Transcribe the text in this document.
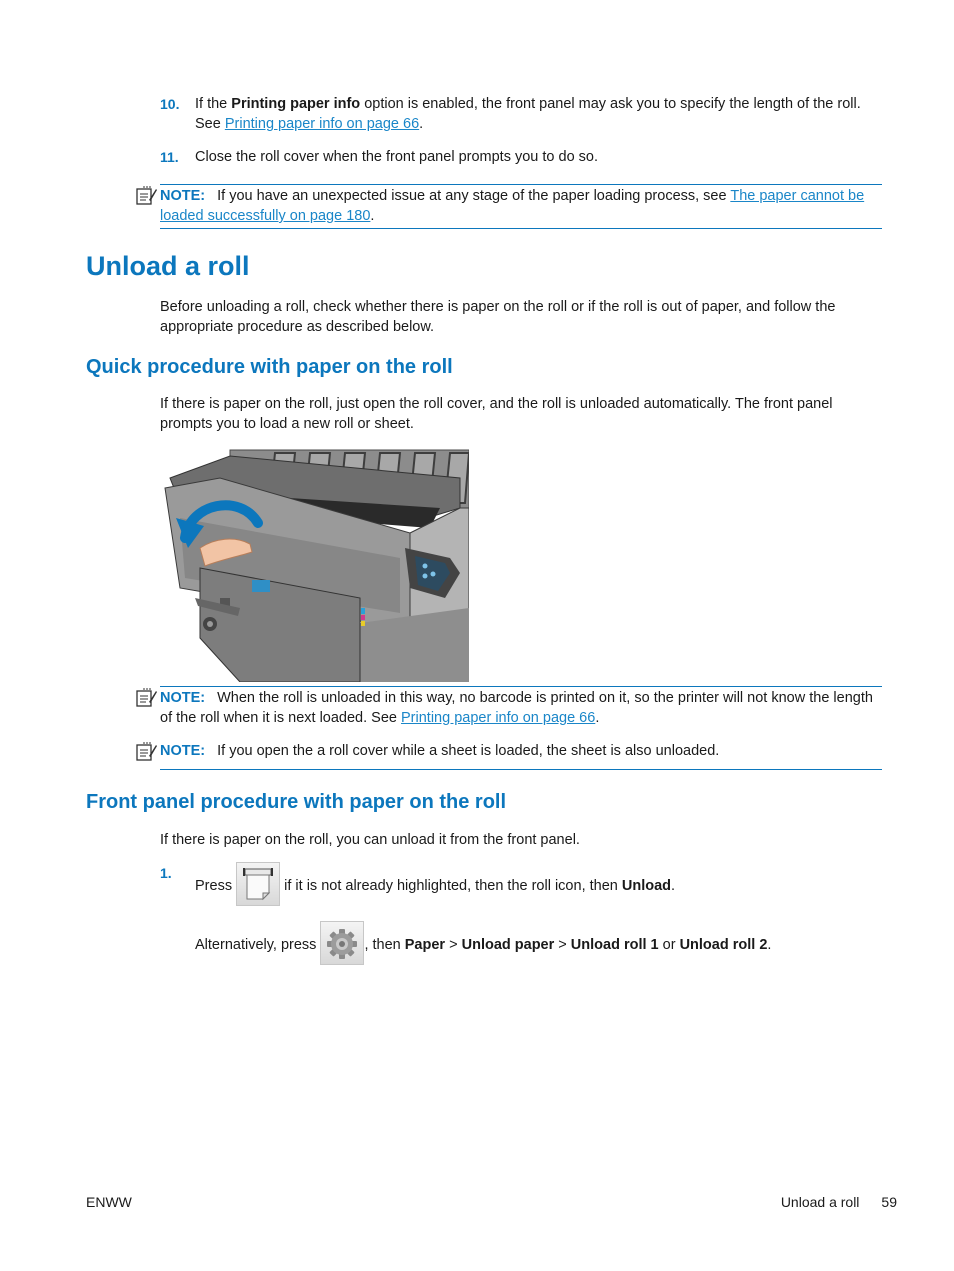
10. If the Printing paper info option is enabled, the front panel may ask you to specify the length of the roll. See Printing paper info on page 66.
11. Close the roll cover when the front panel prompts you to do so.
NOTE: If you have an unexpected issue at any stage of the paper loading process, see The paper cannot be loaded successfully on page 180.
Unload a roll
Before unloading a roll, check whether there is paper on the roll or if the roll is out of paper, and follow the appropriate procedure as described below.
Quick procedure with paper on the roll
If there is paper on the roll, just open the roll cover, and the roll is unloaded automatically. The front panel prompts you to load a new roll or sheet.
NOTE: When the roll is unloaded in this way, no barcode is printed on it, so the printer will not know the length of the roll when it is next loaded. See Printing paper info on page 66.
NOTE: If you open the a roll cover while a sheet is loaded, the sheet is also unloaded.
Front panel procedure with paper on the roll
If there is paper on the roll, you can unload it from the front panel.
1.
Press	if it is not already highlighted, then the roll icon, then Unload.
Alternatively, press	, then Paper > Unload paper > Unload roll 1 or Unload roll 2.
ENWW	Unload a roll 59
